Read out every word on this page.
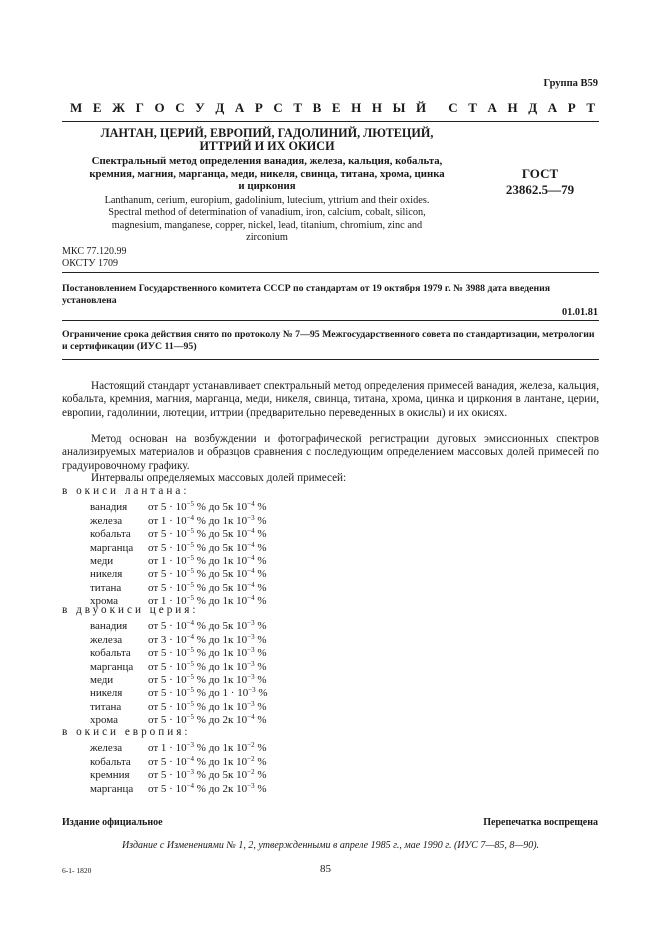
Группа В59
М Е Ж Г О С У Д А Р С Т В Е Н Н Ы Й С Т А Н Д А Р Т
ЛАНТАН, ЦЕРИЙ, ЕВРОПИЙ, ГАДОЛИНИЙ, ЛЮТЕЦИЙ,
ИТТРИЙ И ИХ ОКИСИ
Спектральный метод определения ванадия, железа, кальция, кобальта,
кремния, магния, марганца, меди, никеля, свинца, титана, хрома, цинка
и циркония
Lanthanum, cerium, europium, gadolinium, lutecium, yttrium and their oxides.
Spectral method of determination of vanadium, iron, calcium, cobalt, silicon,
magnesium, manganese, copper, nickel, lead, titanium, chromium, zinc and
zirconium
ГОСТ
23862.5—79
МКС 77.120.99
ОКСТУ 1709
Постановлением Государственного комитета СССР по стандартам от 19 октября 1979 г. № 3988 дата введения установлена
01.01.81
Ограничение срока действия снято по протоколу № 7—95 Межгосударственного совета по стандартизации, метрологии и сертификации (ИУС 11—95)
Настоящий стандарт устанавливает спектральный метод определения примесей ванадия, железа, кальция, кобальта, кремния, магния, марганца, меди, никеля, свинца, титана, хрома, цинка и циркония в лантане, церии, европии, гадолинии, лютеции, иттрии (предварительно переведенных в окислы) и их окисях.
Метод основан на возбуждении и фотографической регистрации дуговых эмиссионных спектров анализируемых материалов и образцов сравнения с последующим определением массовых долей примесей по градуировочному графику.
Интервалы определяемых массовых долей примесей:
в окиси лантана:
ванадия от $5 \cdot 10^{-5}$ % до 5к $10^{-4}$ %
железа от $1 \cdot 10^{-4}$ % до 1к $10^{-3}$ %
кобальта от $5 \cdot 10^{-5}$ % до 5к $10^{-4}$ %
марганца от $5 \cdot 10^{-5}$ % до 5к $10^{-4}$ %
меди	от $1 \cdot 10^{-5}$ % до 1к $10^{-4}$ %
никеля от $5 \cdot 10^{-5}$ % до 5к $10^{-4}$ %
титана от $5 \cdot 10^{-5}$ % до 5к $10^{-4}$ %
хрома	от $1 \cdot 10^{-5}$ % до 1к $10^{-4}$ %
в двуокиси церия:
ванадия от $5 \cdot 10^{-4}$ % до 5к $10^{-3}$ %
железа от $3 \cdot 10^{-4}$ % до 1к $10^{-3}$ %
кобальта от $5 \cdot 10^{-5}$ % до 1к $10^{-3}$ %
марганца от $5 \cdot 10^{-5}$ % до 1к $10^{-3}$ %
меди	от $5 \cdot 10^{-5}$ % до 1к $10^{-3}$ %
никеля от $5 \cdot 10^{-5}$ % до $1 \cdot 10^{-3}$ %
титана от $5 \cdot 10^{-5}$ % до 1к $10^{-3}$ %
хрома	от $5 \cdot 10^{-5}$ % до 2к $10^{-4}$ %
в окиси европия:
железа от $1 \cdot 10^{-3}$ % до 1к $10^{-2}$ %
кобальта от $5 \cdot 10^{-4}$ % до 1к $10^{-2}$ %
кремния от $5 \cdot 10^{-3}$ % до 5к $10^{-2}$ %
марганца от $5 \cdot 10^{-4}$ % до 2к $10^{-3}$ %
Издание официальное	Перепечатка воспрещена
Издание с Изменениями № 1, 2, утвержденными в апреле 1985 г., мае 1990 г. (ИУС 7—85, 8—90).
6-1- 1820	85
